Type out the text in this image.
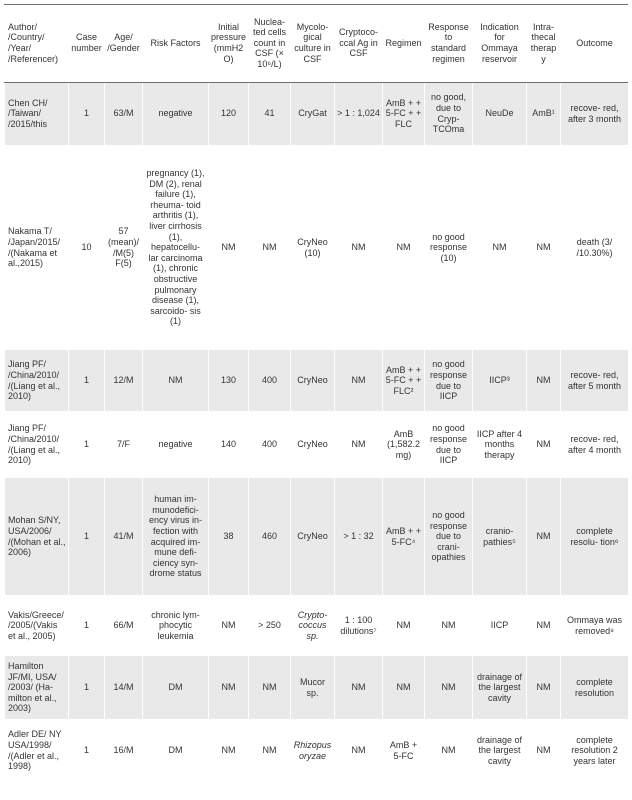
Author/ /Country/ /Year/ /Referencer)	Case number	Age/ /Gender	Risk Factors	Initial pressure (mmH2O)	Nuclea- ted cells count in CSF (× 10⁶/L)	Mycolo- gical culture in CSF	Cryptoco- ccal Ag in CSF	Regimen	Response to standard regimen	Indication for Ommaya reservoir	Intra- thecal therapy	Outcome
Chen CH/ /Taiwan/ /2015/this	1	63/M	negative	120	41	CryGat	> 1 : 1,024	AmB + + 5-FC + + FLC	no good, due to Cryp- TCOma	NeuDe	AmB¹	recove- red, after 3 month
Nakama T/ /Japan/2015/ /(Nakama et al.,2015)	10	57 (mean)/ /M(5) F(5)	pregnancy (1), DM (2), renal failure (1), rheuma- toid arthritis (1), liver cirrhosis (1), hepatocellu- lar carcinoma (1), chronic obstructive pulmonary disease (1), sarcoido- sis (1)	NM	NM	CryNeo (10)	NM	NM	no good response (10)	NM	NM	death (3/ /10.30%)
Jiang PF/ /China/2010/ /(Liang et al., 2010)	1	12/M	NM	130	400	CryNeo	NM	AmB + + 5-FC + + FLC²	no good response due to IICP	IICP³	NM	recove- red, after 5 month
Jiang PF/ /China/2010/ /(Liang et al., 2010)	1	7/F	negative	140	400	CryNeo	NM	AmB (1,582.2 mg)	no good response due to IICP	IICP after 4 months therapy	NM	recove- red, after 4 month
Mohan S/NY, USA/2006/ /(Mohan et al., 2006)	1	41/M	human im- munodefici- ency virus in- fection with acquired im- mune defi- ciency syn- drome status	38	460	CryNeo	> 1 : 32	AmB + + 5-FC⁴	no good response due to crani- opathies	cranio- pathies⁵	NM	complete resolu- tion⁶
Vakis/Greece/ /2005/(Vakis et al., 2005)	1	66/M	chronic lym- phocytic leukemia	NM	> 250	Crypto- coccus sp.	1 : 100 dilutions⁷	NM	NM	IICP	NM	Ommaya was removed⁸
Hamilton JF/MI, USA/ /2003/ (Ha- milton et al., 2003)	1	14/M	DM	NM	NM	Mucor sp.	NM	NM	NM	drainage of the largest cavity	NM	complete resolution
Adler DE/ NY USA/1998/ /(Adler et al., 1998)	1	16/M	DM	NM	NM	Rhizopus oryzae	NM	AmB + 5-FC	NM	drainage of the largest cavity	NM	complete resolution 2 years later
